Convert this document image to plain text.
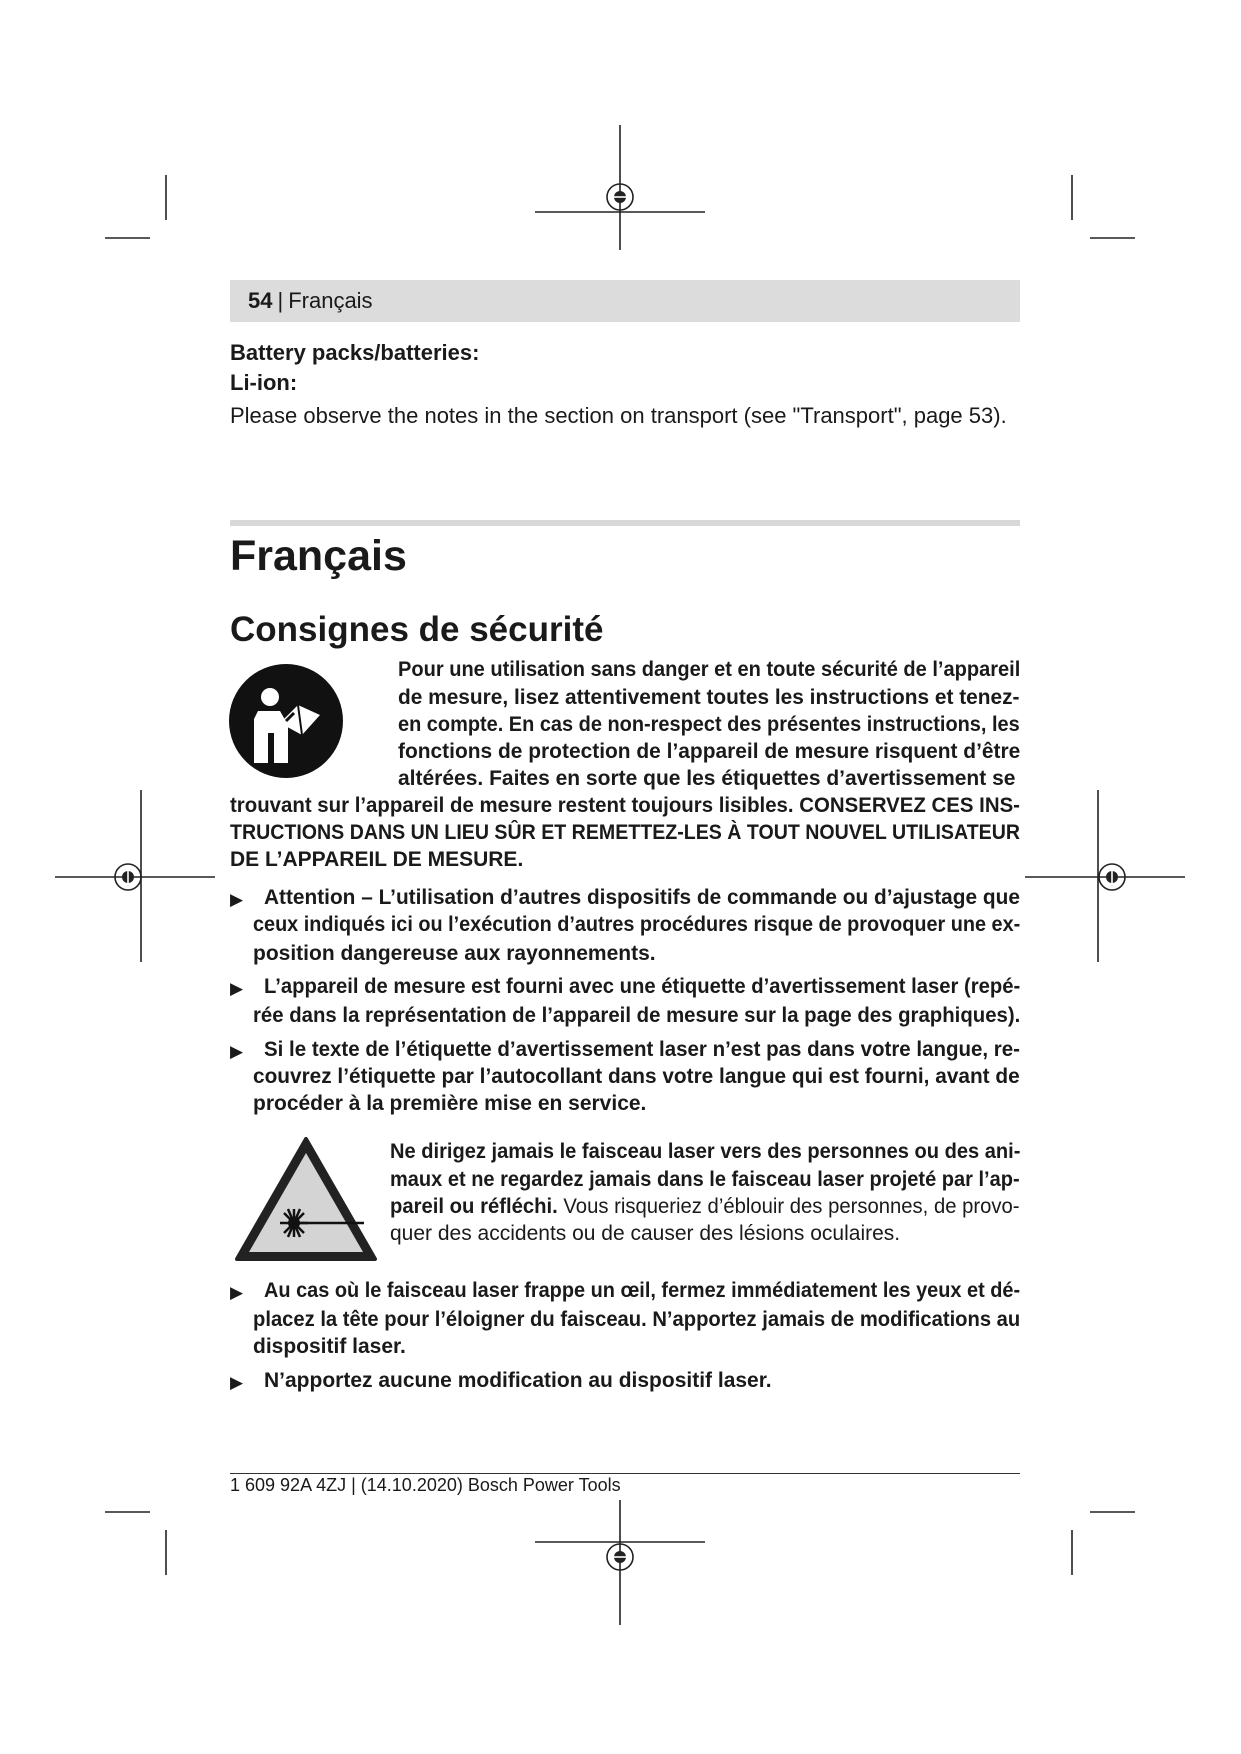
54 | Français
Battery packs/batteries:
Li-ion:
Please observe the notes in the section on transport (see "Transport", page 53).
Français
Consignes de sécurité
Pour une utilisation sans danger et en toute sécurité de l’appareil
de mesure, lisez attentivement toutes les instructions et tenez-
en compte. En cas de non-respect des présentes instructions, les
fonctions de protection de l’appareil de mesure risquent d’être
altérées. Faites en sorte que les étiquettes d’avertissement se
trouvant sur l’appareil de mesure restent toujours lisibles. CONSERVEZ CES INS-
TRUCTIONS DANS UN LIEU SÛR ET REMETTEZ-LES À TOUT NOUVEL UTILISATEUR
DE L’APPAREIL DE MESURE.
▶ Attention – L’utilisation d’autres dispositifs de commande ou d’ajustage que
ceux indiqués ici ou l’exécution d’autres procédures risque de provoquer une ex-
position dangereuse aux rayonnements.
▶ L’appareil de mesure est fourni avec une étiquette d’avertissement laser (repé-
rée dans la représentation de l’appareil de mesure sur la page des graphiques).
▶ Si le texte de l’étiquette d’avertissement laser n’est pas dans votre langue, re-
couvrez l’étiquette par l’autocollant dans votre langue qui est fourni, avant de
procéder à la première mise en service.
Ne dirigez jamais le faisceau laser vers des personnes ou des ani-
maux et ne regardez jamais dans le faisceau laser projeté par l’ap-
pareil ou réfléchi. Vous risqueriez d’éblouir des personnes, de provo-
quer des accidents ou de causer des lésions oculaires.
▶ Au cas où le faisceau laser frappe un œil, fermez immédiatement les yeux et dé-
placez la tête pour l’éloigner du faisceau. N’apportez jamais de modifications au
dispositif laser.
▶ N’apportez aucune modification au dispositif laser.
1 609 92A 4ZJ | (14.10.2020) Bosch Power Tools
